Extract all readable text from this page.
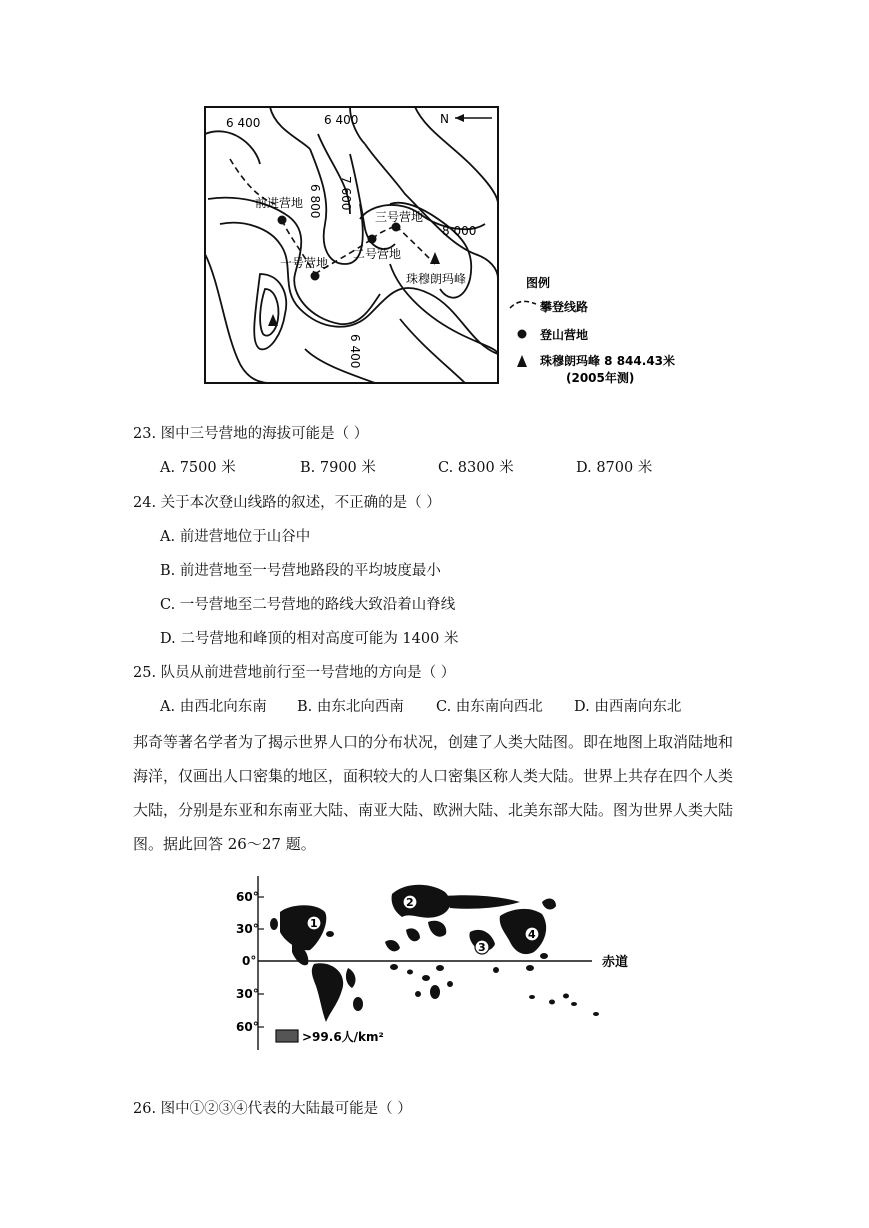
N
6 400	6 400
6 800 7 600
8 000
6 400
前进营地
一号营地
二号营地
三号营地
珠穆朗玛峰	图例
攀登线路
登山营地
珠穆朗玛峰 8 844.43米
(2005年测)
23. 图中三号营地的海拔可能是（ ）
A. 7500 米	B. 7900 米	C. 8300 米	D. 8700 米
24. 关于本次登山线路的叙述，不正确的是（ ）
A. 前进营地位于山谷中
B. 前进营地至一号营地路段的平均坡度最小
C. 一号营地至二号营地的路线大致沿着山脊线
D. 二号营地和峰顶的相对高度可能为 1400 米
25. 队员从前进营地前行至一号营地的方向是（ ）
A. 由西北向东南 B. 由东北向西南 C. 由东南向西北 D. 由西南向东北
邦奇等著名学者为了揭示世界人口的分布状况，创建了人类大陆图。即在地图上取消陆地和海洋，仅画出人口密集的地区，面积较大的人口密集区称人类大陆。世界上共存在四个人类大陆，分别是东亚和东南亚大陆、南亚大陆、欧洲大陆、北美东部大陆。图为世界人类大陆图。据此回答 26～27 题。
60°
30°
0°
30°
60°
赤道
1
2
3
4
>99.6人/km²
26. 图中①②③④代表的大陆最可能是（ ）
